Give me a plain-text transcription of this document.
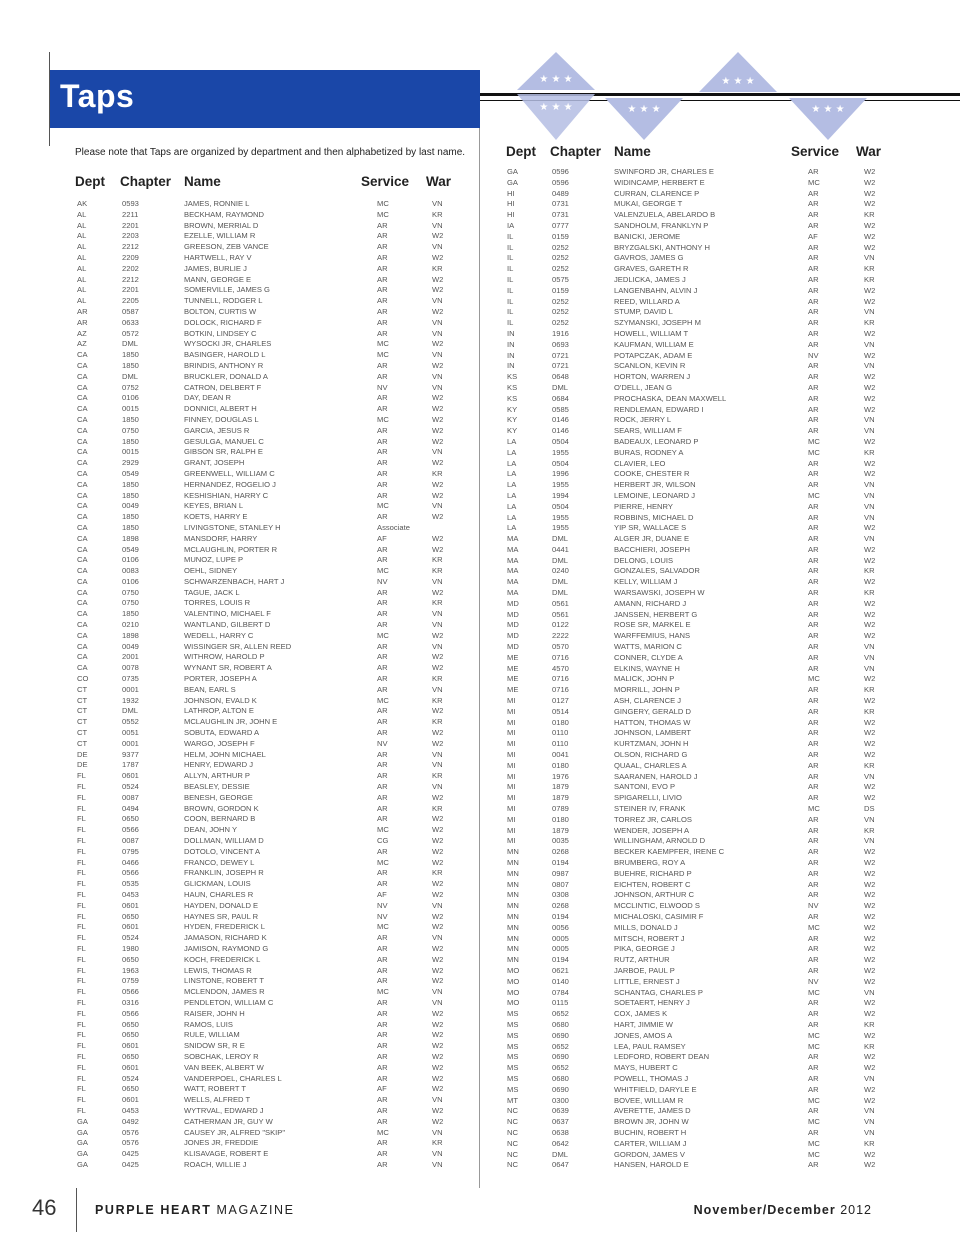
Taps	★ ★ ★
★ ★ ★	★ ★ ★
★ ★ ★
★ ★ ★
Please note that Taps are organized by department and then alphabetized by last name.
Dept Chapter Name	Service War
Dept Chapter Name	Service War
AK	0593	JAMES, RONNIE L	MC	VN
AL	2211	BECKHAM, RAYMOND	MC	KR
AL	2201	BROWN, MERRIAL D	AR	VN
AL	2203	EZELLE, WILLIAM R	AR	W2
AL	2212	GREESON, ZEB VANCE	AR	VN
AL	2209	HARTWELL, RAY V	AR	W2
AL	2202	JAMES, BURLIE J	AR	KR
AL	2212	MANN, GEORGE E	AR	W2
AL	2201	SOMERVILLE, JAMES G	AR	W2
AL	2205	TUNNELL, RODGER L	AR	VN
AR	0587	BOLTON, CURTIS W	AR	W2
AR	0633	DOLOCK, RICHARD F	AR	VN
AZ	0572	BOTKIN, LINDSEY C	AR	VN
AZ	DML	WYSOCKI JR, CHARLES	MC	W2
CA	1850	BASINGER, HAROLD L	MC	VN
CA	1850	BRINDIS, ANTHONY R	AR	W2
CA	DML	BRUCKLER, DONALD A	AR	VN
CA	0752	CATRON, DELBERT F	NV	VN
CA	0106	DAY, DEAN R	AR	W2
CA	0015	DONNICI, ALBERT H	AR	W2
CA	1850	FINNEY, DOUGLAS L	MC	W2
CA	0750	GARCIA, JESUS R	AR	W2
CA	1850	GESULGA, MANUEL C	AR	W2
CA	0015	GIBSON SR, RALPH E	AR	VN
CA	2929	GRANT, JOSEPH	AR	W2
CA	0549	GREENWELL, WILLIAM C	AR	KR
CA	1850	HERNANDEZ, ROGELIO J	AR	W2
CA	1850	KESHISHIAN, HARRY C	AR	W2
CA	0049	KEYES, BRIAN L	MC	VN
CA	1850	KOETS, HARRY E	AR	W2
CA	1850	LIVINGSTONE, STANLEY H	Associate
CA	1898	MANSDORF, HARRY	AF	W2
CA	0549	MCLAUGHLIN, PORTER R	AR	W2
CA	0106	MUNOZ, LUPE P	AR	KR
CA	0083	OEHL, SIDNEY	MC	KR
CA	0106	SCHWARZENBACH, HART J	NV	VN
CA	0750	TAGUE, JACK L	AR	W2
CA	0750	TORRES, LOUIS R	AR	KR
CA	1850	VALENTINO, MICHAEL F	AR	VN
CA	0210	WANTLAND, GILBERT D	AR	VN
CA	1898	WEDELL, HARRY C	MC	W2
CA	0049	WISSINGER SR, ALLEN REED	AR	VN
CA	2001	WITHROW, HAROLD P	AR	W2
CA	0078	WYNANT SR, ROBERT A	AR	W2
CO	0735	PORTER, JOSEPH A	AR	KR
CT	0001	BEAN, EARL S	AR	VN
CT	1932	JOHNSON, EVALD K	MC	KR
CT	DML	LATHROP, ALTON E	AR	W2
CT	0552	MCLAUGHLIN JR, JOHN E	AR	KR
CT	0051	SOBUTA, EDWARD A	AR	W2
CT	0001	WARGO, JOSEPH F	NV	W2
DE	9377	HELM, JOHN MICHAEL	AR	VN
DE	1787	HENRY, EDWARD J	AR	VN
FL	0601	ALLYN, ARTHUR P	AR	KR
FL	0524	BEASLEY, DESSIE	AR	VN
FL	0087	BENESH, GEORGE	AR	W2
FL	0494	BROWN, GORDON K	AR	KR
FL	0650	COON, BERNARD B	AR	W2
FL	0566	DEAN, JOHN Y	MC	W2
FL	0087	DOLLMAN, WILLIAM D	CG	W2
FL	0795	DOTOLO, VINCENT A	AR	W2
FL	0466	FRANCO, DEWEY L	MC	W2
FL	0566	FRANKLIN, JOSEPH R	AR	KR
FL	0535	GLICKMAN, LOUIS	AR	W2
FL	0453	HAUN, CHARLES R	AF	W2
FL	0601	HAYDEN, DONALD E	NV	VN
FL	0650	HAYNES SR, PAUL R	NV	W2
FL	0601	HYDEN, FREDERICK L	MC	W2
FL	0524	JAMASON, RICHARD K	AR	VN
FL	1980	JAMISON, RAYMOND G	AR	W2
FL	0650	KOCH, FREDERICK L	AR	W2
FL	1963	LEWIS, THOMAS R	AR	W2
FL	0759	LINSTONE, ROBERT T	AR	W2
FL	0566	MCLENDON, JAMES R	MC	VN
FL	0316	PENDLETON, WILLIAM C	AR	VN
FL	0566	RAISER, JOHN H	AR	W2
FL	0650	RAMOS, LUIS	AR	W2
FL	0650	RULE, WILLIAM	AR	W2
FL	0601	SNIDOW SR, R E	AR	W2
FL	0650	SOBCHAK, LEROY R	AR	W2
FL	0601	VAN BEEK, ALBERT W	AR	W2
FL	0524	VANDERPOEL, CHARLES L	AR	W2
FL	0650	WATT, ROBERT T	AF	W2
FL	0601	WELLS, ALFRED T	AR	VN
FL	0453	WYTRVAL, EDWARD J	AR	W2
GA	0492	CATHERMAN JR, GUY W	AR	W2
GA	0576	CAUSEY JR, ALFRED "SKIP"	MC	VN
GA	0576	JONES JR, FREDDIE	AR	KR
GA	0425	KLISAVAGE, ROBERT E	AR	VN
GA	0425	ROACH, WILLIE J	AR	VN
GA	0596	SWINFORD JR, CHARLES E	AR	W2
GA	0596	WIDINCAMP, HERBERT E	MC	W2
HI	0489	CURRAN, CLARENCE P	AR	W2
HI	0731	MUKAI, GEORGE T	AR	W2
HI	0731	VALENZUELA, ABELARDO B	AR	KR
IA	0777	SANDHOLM, FRANKLYN P	AR	W2
IL	0159	BANICKI, JEROME	AF	W2
IL	0252	BRYZGALSKI, ANTHONY H	AR	W2
IL	0252	GAVROS, JAMES G	AR	VN
IL	0252	GRAVES, GARETH R	AR	KR
IL	0575	JEDLICKA, JAMES J	AR	KR
IL	0159	LANGENBAHN, ALVIN J	AR	W2
IL	0252	REED, WILLARD A	AR	W2
IL	0252	STUMP, DAVID L	AR	VN
IL	0252	SZYMANSKI, JOSEPH M	AR	KR
IN	1916	HOWELL, WILLIAM T	AR	W2
IN	0693	KAUFMAN, WILLIAM E	AR	VN
IN	0721	POTAPCZAK, ADAM E	NV	W2
IN	0721	SCANLON, KEVIN R	AR	VN
KS	0648	HORTON, WARREN J	AR	W2
KS	DML	O'DELL, JEAN G	AR	W2
KS	0684	PROCHASKA, DEAN MAXWELL	AR	W2
KY	0585	RENDLEMAN, EDWARD I	AR	W2
KY	0146	ROCK, JERRY L	AR	VN
KY	0146	SEARS, WILLIAM F	AR	VN
LA	0504	BADEAUX, LEONARD P	MC	W2
LA	1955	BURAS, RODNEY A	MC	KR
LA	0504	CLAVIER, LEO	AR	W2
LA	1996	COOKE, CHESTER R	AR	W2
LA	1955	HERBERT JR, WILSON	AR	VN
LA	1994	LEMOINE, LEONARD J	MC	VN
LA	0504	PIERRE, HENRY	AR	VN
LA	1955	ROBBINS, MICHAEL D	AR	VN
LA	1955	YIP SR, WALLACE S	AR	W2
MA	DML	ALGER JR, DUANE E	AR	VN
MA	0441	BACCHIERI, JOSEPH	AR	W2
MA	DML	DELONG, LOUIS	AR	W2
MA	0240	GONZALES, SALVADOR	AR	KR
MA	DML	KELLY, WILLIAM J	AR	W2
MA	DML	WARSAWSKI, JOSEPH W	AR	KR
MD	0561	AMANN, RICHARD J	AR	W2
MD	0561	JANSSEN, HERBERT G	AR	W2
MD	0122	ROSE SR, MARKEL E	AR	W2
MD	2222	WARFFEMIUS, HANS	AR	W2
MD	0570	WATTS, MARION C	AR	VN
ME	0716	CONNER, CLYDE A	AR	VN
ME	4570	ELKINS, WAYNE H	AR	VN
ME	0716	MALICK, JOHN P	MC	W2
ME	0716	MORRILL, JOHN P	AR	KR
MI	0127	ASH, CLARENCE J	AR	W2
MI	0514	GINGERY, GERALD D	AR	KR
MI	0180	HATTON, THOMAS W	AR	W2
MI	0110	JOHNSON, LAMBERT	AR	W2
MI	0110	KURTZMAN, JOHN H	AR	W2
MI	0041	OLSON, RICHARD G	AR	W2
MI	0180	QUAAL, CHARLES A	AR	KR
MI	1976	SAARANEN, HAROLD J	AR	VN
MI	1879	SANTONI, EVO P	AR	W2
MI	1879	SPIGARELLI, LIVIO	AR	W2
MI	0789	STEINER IV, FRANK	MC	DS
MI	0180	TORREZ JR, CARLOS	AR	VN
MI	1879	WENDER, JOSEPH A	AR	KR
MI	0035	WILLINGHAM, ARNOLD D	AR	VN
MN	0268	BECKER KAEMPFER, IRENE C	AR	W2
MN	0194	BRUMBERG, ROY A	AR	W2
MN	0987	BUEHRE, RICHARD P	AR	W2
MN	0807	EICHTEN, ROBERT C	AR	W2
MN	0308	JOHNSON, ARTHUR C	AR	W2
MN	0268	MCCLINTIC, ELWOOD S	NV	W2
MN	0194	MICHALOSKI, CASIMIR F	AR	W2
MN	0056	MILLS, DONALD J	MC	W2
MN	0005	MITSCH, ROBERT J	AR	W2
MN	0005	PIKA, GEORGE J	AR	W2
MN	0194	RUTZ, ARTHUR	AR	W2
MO	0621	JARBOE, PAUL P	AR	W2
MO	0140	LITTLE, ERNEST J	NV	W2
MO	0784	SCHANTAG, CHARLES P	MC	VN
MO	0115	SOETAERT, HENRY J	AR	W2
MS	0652	COX, JAMES K	AR	W2
MS	0680	HART, JIMMIE W	AR	KR
MS	0690	JONES, AMOS A	MC	W2
MS	0652	LEA, PAUL RAMSEY	MC	KR
MS	0690	LEDFORD, ROBERT DEAN	AR	W2
MS	0652	MAYS, HUBERT C	AR	W2
MS	0680	POWELL, THOMAS J	AR	VN
MS	0690	WHITFIELD, DARYLE E	AR	W2
MT	0300	BOVEE, WILLIAM R	MC	W2
NC	0639	AVERETTE, JAMES D	AR	VN
NC	0637	BROWN JR, JOHN W	MC	VN
NC	0638	BUCHIN, ROBERT H	AR	VN
NC	0642	CARTER, WILLIAM J	MC	KR
NC	DML	GORDON, JAMES V	MC	W2
NC	0647	HANSEN, HAROLD E	AR	W2
46	PURPLE HEART MAGAZINE	November/December 2012
